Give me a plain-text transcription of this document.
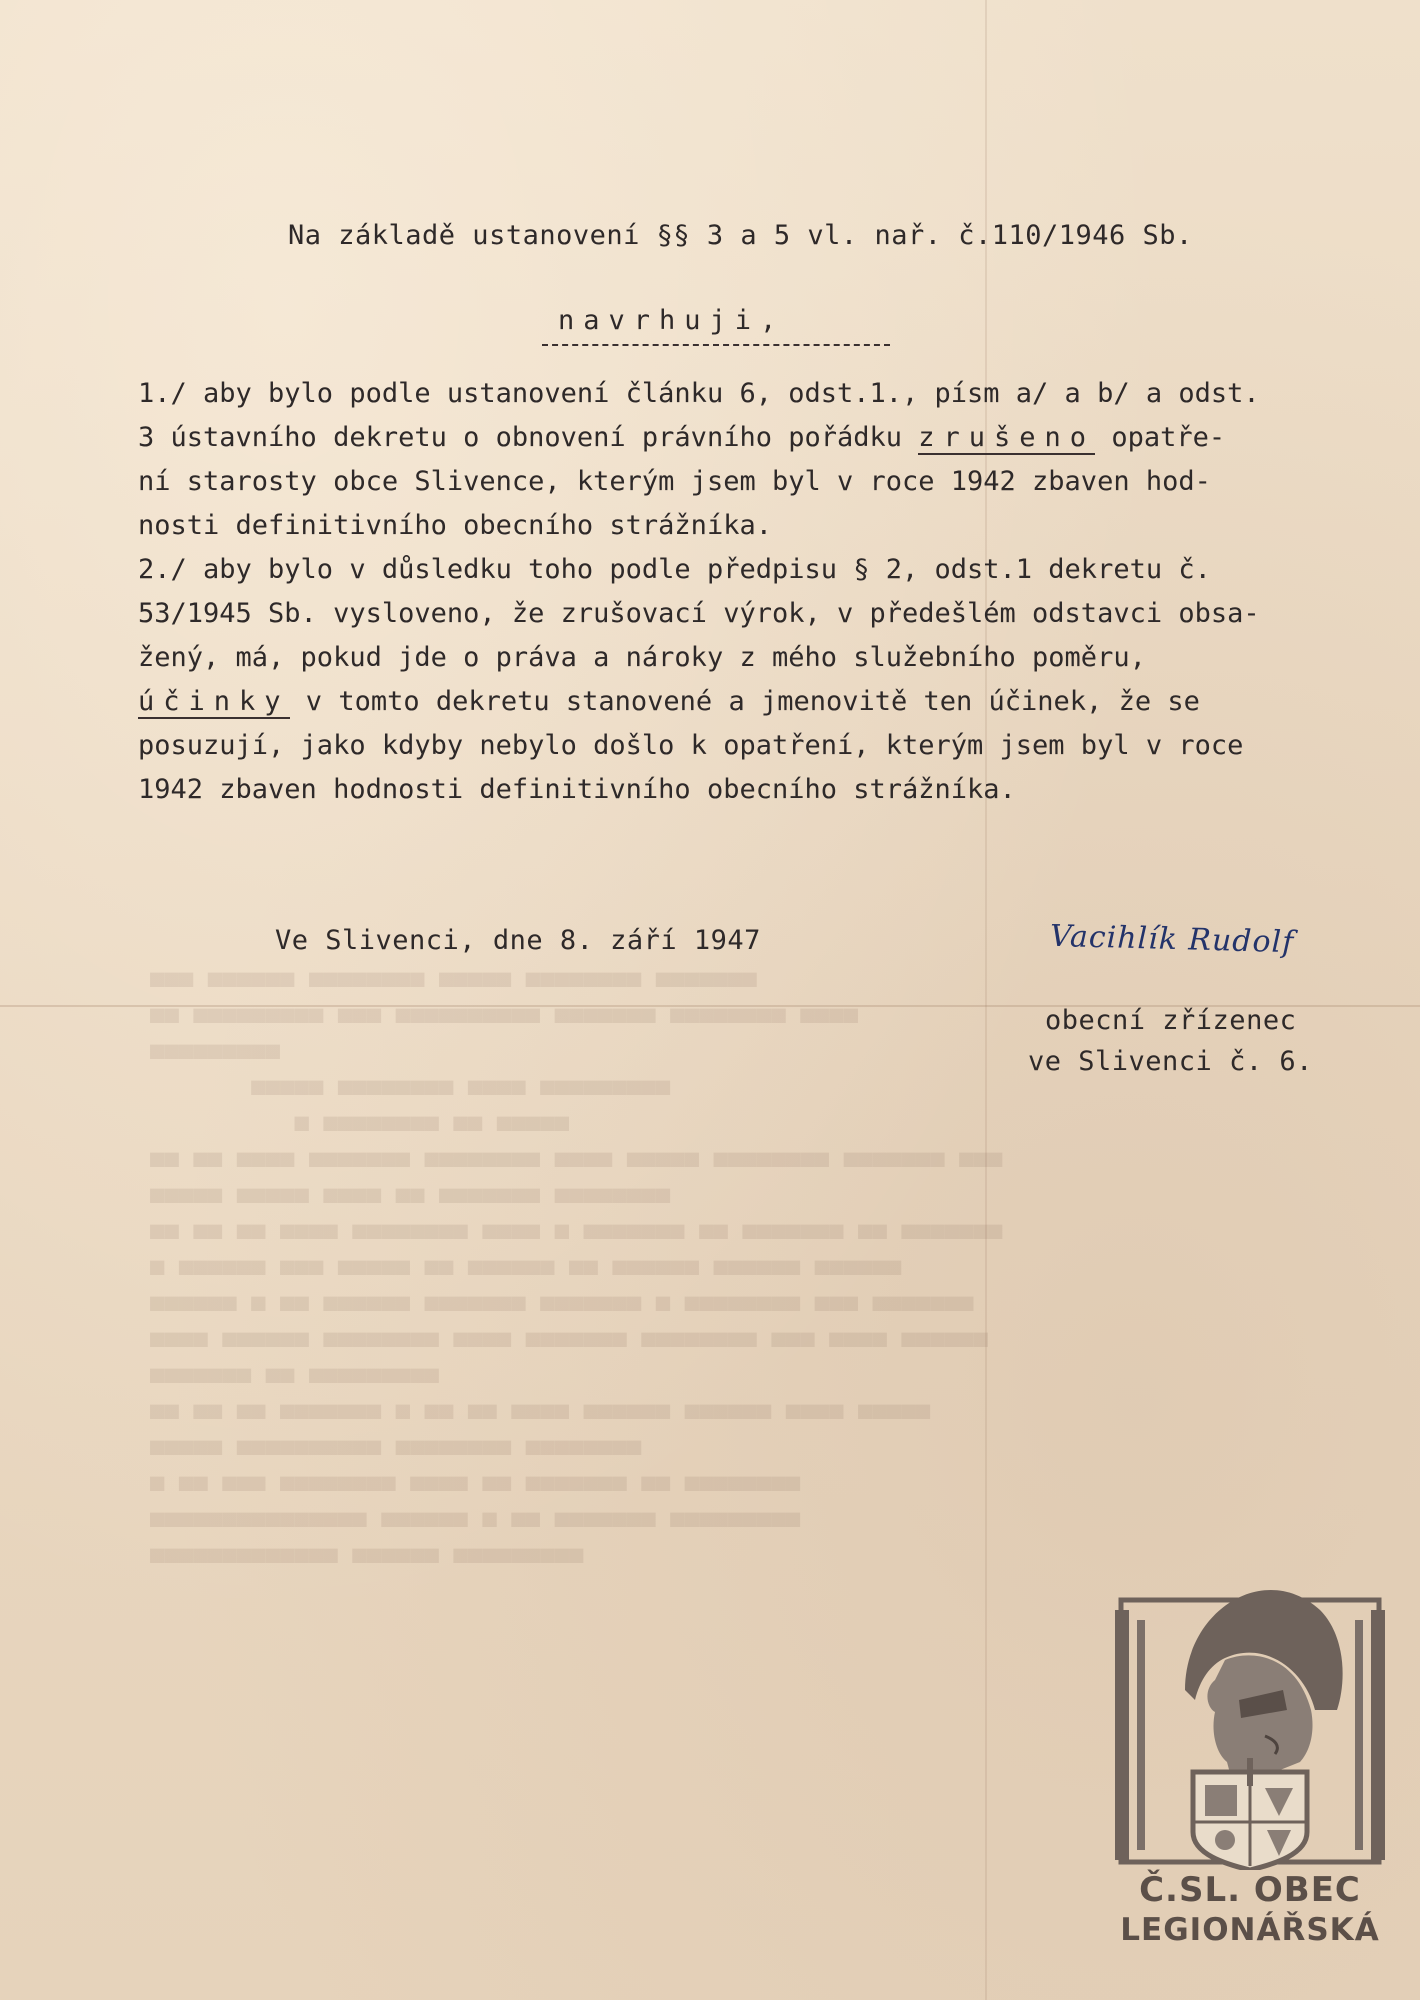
■■■ ■■■■■■ ■■■■■■■■ ■■■■■ ■■■■■■■■ ■■■■■■■
■■ ■■■■■■■■■ ■■■ ■■■■■■■■■■ ■■■■■■■ ■■■■■■■■ ■■■■
■■■■■■■■■
■■■■■ ■■■■■■■■ ■■■■ ■■■■■■■■■
■ ■■■■■■■■ ■■ ■■■■■
■■ ■■ ■■■■ ■■■■■■■ ■■■■■■■■ ■■■■ ■■■■■ ■■■■■■■■ ■■■■■■■ ■■■
■■■■■ ■■■■■ ■■■■ ■■ ■■■■■■■ ■■■■■■■■
■■ ■■ ■■ ■■■■ ■■■■■■■■ ■■■■ ■ ■■■■■■■ ■■ ■■■■■■■ ■■ ■■■■■■■
■ ■■■■■■ ■■■ ■■■■■ ■■ ■■■■■■ ■■ ■■■■■■ ■■■■■■ ■■■■■■
■■■■■■ ■ ■■ ■■■■■■ ■■■■■■■ ■■■■■■■ ■ ■■■■■■■■ ■■■ ■■■■■■■
■■■■ ■■■■■■ ■■■■■■■■ ■■■■ ■■■■■■■ ■■■■■■■■ ■■■ ■■■■ ■■■■■■
■■■■■■■ ■■ ■■■■■■■■■
■■ ■■ ■■ ■■■■■■■ ■ ■■ ■■ ■■■■ ■■■■■■ ■■■■■■ ■■■■ ■■■■■
■■■■■ ■■■■■■■■■■ ■■■■■■■■ ■■■■■■■■
■ ■■ ■■■ ■■■■■■■■ ■■■■ ■■ ■■■■■■■ ■■ ■■■■■■■■
■■■■■■■■■■■■■■■ ■■■■■■ ■ ■■ ■■■■■■■ ■■■■■■■■■
■■■■■■■■■■■■■ ■■■■■■ ■■■■■■■■■
Na základě ustanovení §§ 3 a 5 vl. nař. č.110/1946 Sb.
navrhuji,
1./ aby bylo podle ustanovení článku 6, odst.1., písm a/ a b/ a odst.
3 ústavního dekretu o obnovení právního pořádku zrušeno opatře-
ní starosty obce Slivence, kterým jsem byl v roce 1942 zbaven hod-
nosti definitivního obecního strážníka.
2./ aby bylo v důsledku toho podle předpisu § 2, odst.1 dekretu č.
53/1945 Sb. vysloveno, že zrušovací výrok, v předešlém odstavci obsa-
žený, má, pokud jde o práva a nároky z mého služebního poměru,
účinky v tomto dekretu stanovené a jmenovitě ten účinek, že se
posuzují, jako kdyby nebylo došlo k opatření, kterým jsem byl v roce
1942 zbaven hodnosti definitivního obecního strážníka.
Ve Slivenci, dne 8. září 1947	Vacihlík Rudolf
obecní zřízenec
ve Slivenci č. 6.
Č.SL. OBEC
LEGIONÁŘSKÁ
